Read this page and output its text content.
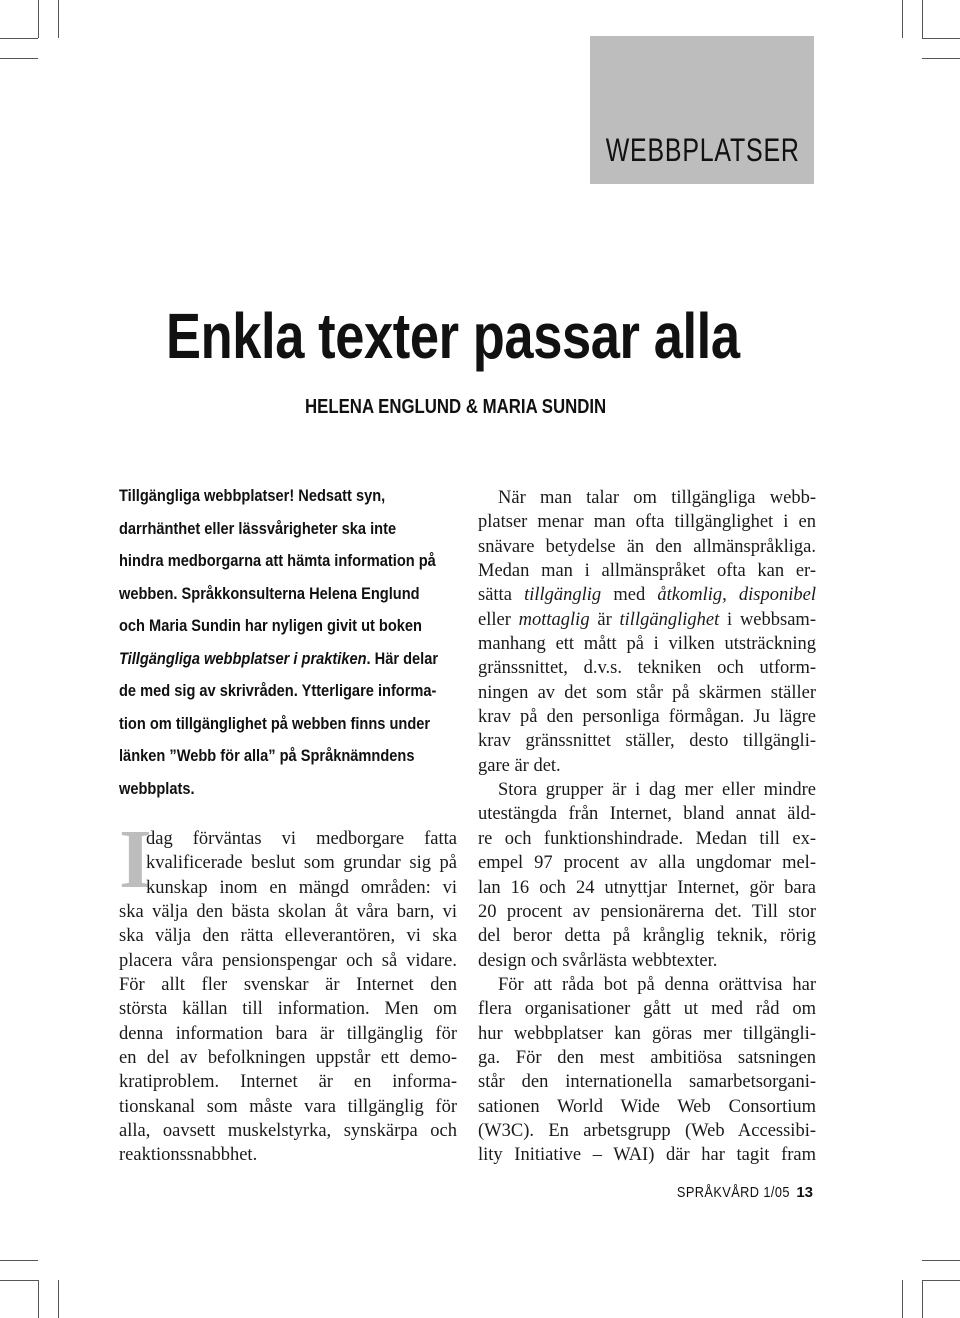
WEBBPLATSER
Enkla texter passar alla
HELENA ENGLUND & MARIA SUNDIN
Tillgängliga webbplatser! Nedsatt syn,
darrhänthet eller lässvårigheter ska inte
hindra medborgarna att hämta information på
webben. Språkkonsulterna Helena Englund
och Maria Sundin har nyligen givit ut boken
Tillgängliga webbplatser i praktiken. Här delar
de med sig av skrivråden. Ytterligare informa-
tion om tillgänglighet på webben finns under
länken ”Webb för alla” på Språknämndens
webbplats.
I
dag förväntas vi medborgare fatta
kvalificerade beslut som grundar sig på
kunskap inom en mängd områden: vi
ska välja den bästa skolan åt våra barn, vi
ska välja den rätta elleverantören, vi ska
placera våra pensionspengar och så vidare.
För allt fler svenskar är Internet den
största källan till information. Men om
denna information bara är tillgänglig för
en del av befolkningen uppstår ett demo-
kratiproblem. Internet är en informa-
tionskanal som måste vara tillgänglig för
alla, oavsett muskelstyrka, synskärpa och
reaktionssnabbhet.
När man talar om tillgängliga webb-
platser menar man ofta tillgänglighet i en
snävare betydelse än den allmänspråkliga.
Medan man i allmänspråket ofta kan er-
sätta tillgänglig med åtkomlig, disponibel
eller mottaglig är tillgänglighet i webbsam-
manhang ett mått på i vilken utsträckning
gränssnittet, d.v.s. tekniken och utform-
ningen av det som står på skärmen ställer
krav på den personliga förmågan. Ju lägre
krav gränssnittet ställer, desto tillgängli-
gare är det.
Stora grupper är i dag mer eller mindre
utestängda från Internet, bland annat äld-
re och funktionshindrade. Medan till ex-
empel 97 procent av alla ungdomar mel-
lan 16 och 24 utnyttjar Internet, gör bara
20 procent av pensionärerna det. Till stor
del beror detta på krånglig teknik, rörig
design och svårlästa webbtexter.
För att råda bot på denna orättvisa har
flera organisationer gått ut med råd om
hur webbplatser kan göras mer tillgängli-
ga. För den mest ambitiösa satsningen
står den internationella samarbetsorgani-
sationen World Wide Web Consortium
(W3C). En arbetsgrupp (Web Accessibi-
lity Initiative – WAI) där har tagit fram
SPRÅKVÅRD 1/05 13
